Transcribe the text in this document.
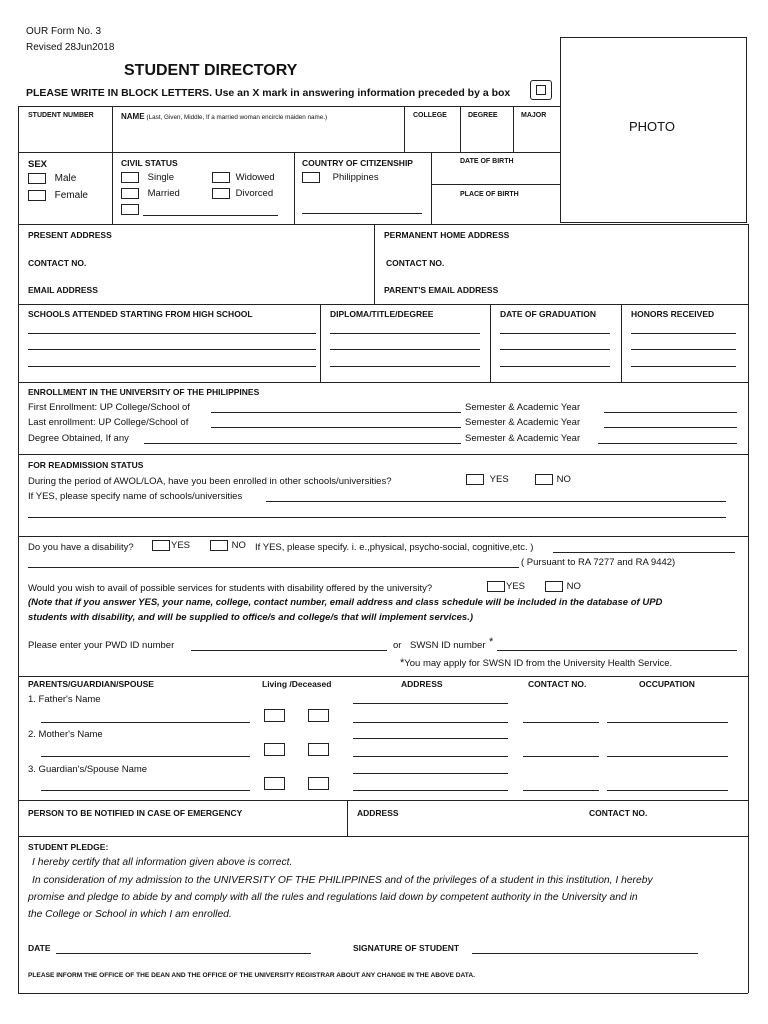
OUR Form No. 3
Revised 28Jun2018
STUDENT DIRECTORY
PLEASE WRITE IN BLOCK LETTERS. Use an X mark in answering information preceded by a box
PHOTO
STUDENT NUMBER	NAME (Last, Given, Middle, If a married woman encircle maiden name.)	COLLEGE	DEGREE	MAJOR
SEX
Male
Female
CIVIL STATUS
Single
Married
Widowed
Divorced
COUNTRY OF CITIZENSHIP
Philippines
DATE OF BIRTH
PLACE OF BIRTH
PRESENT ADDRESS	PERMANENT HOME ADDRESS
CONTACT NO.	CONTACT NO.
EMAIL ADDRESS	PARENT'S EMAIL ADDRESS
SCHOOLS ATTENDED STARTING FROM HIGH SCHOOL	DIPLOMA/TITLE/DEGREE	DATE OF GRADUATION	HONORS RECEIVED
ENROLLMENT IN THE UNIVERSITY OF THE PHILIPPINES
First Enrollment: UP College/School of	Semester & Academic Year
Last enrollment: UP College/School of	Semester & Academic Year
Degree Obtained, If any	Semester & Academic Year
FOR READMISSION STATUS
During the period of AWOL/LOA, have you been enrolled in other schools/universities?	YES	NO
If YES, please specify name of schools/universities
Do you have a disability?	YES	NO If YES, please specify. i. e.,physical, psycho-social, cognitive,etc. )
( Pursuant to RA 7277 and RA 9442)
Would you wish to avail of possible services for students with disability offered by the university?	YES	NO
(Note that if you answer YES, your name, college, contact number, email address and class schedule will be included in the database of UPD
students with disability, and will be supplied to office/s and college/s that will implement services.)
Please enter your PWD ID number	or SWSN ID number *
*You may apply for SWSN ID from the University Health Service.
PARENTS/GUARDIAN/SPOUSE	Living /Deceased	ADDRESS	CONTACT NO.	OCCUPATION
1. Father's Name
2. Mother's Name
3. Guardian's/Spouse Name
PERSON TO BE NOTIFIED IN CASE OF EMERGENCY	ADDRESS	CONTACT NO.
STUDENT PLEDGE:
I hereby certify that all information given above is correct.
In consideration of my admission to the UNIVERSITY OF THE PHILIPPINES and of the privileges of a student in this institution, I hereby
promise and pledge to abide by and comply with all the rules and regulations laid down by competent authority in the University and in
the College or School in which I am enrolled.
DATE	SIGNATURE OF STUDENT
PLEASE INFORM THE OFFICE OF THE DEAN AND THE OFFICE OF THE UNIVERSITY REGISTRAR ABOUT ANY CHANGE IN THE ABOVE DATA.
